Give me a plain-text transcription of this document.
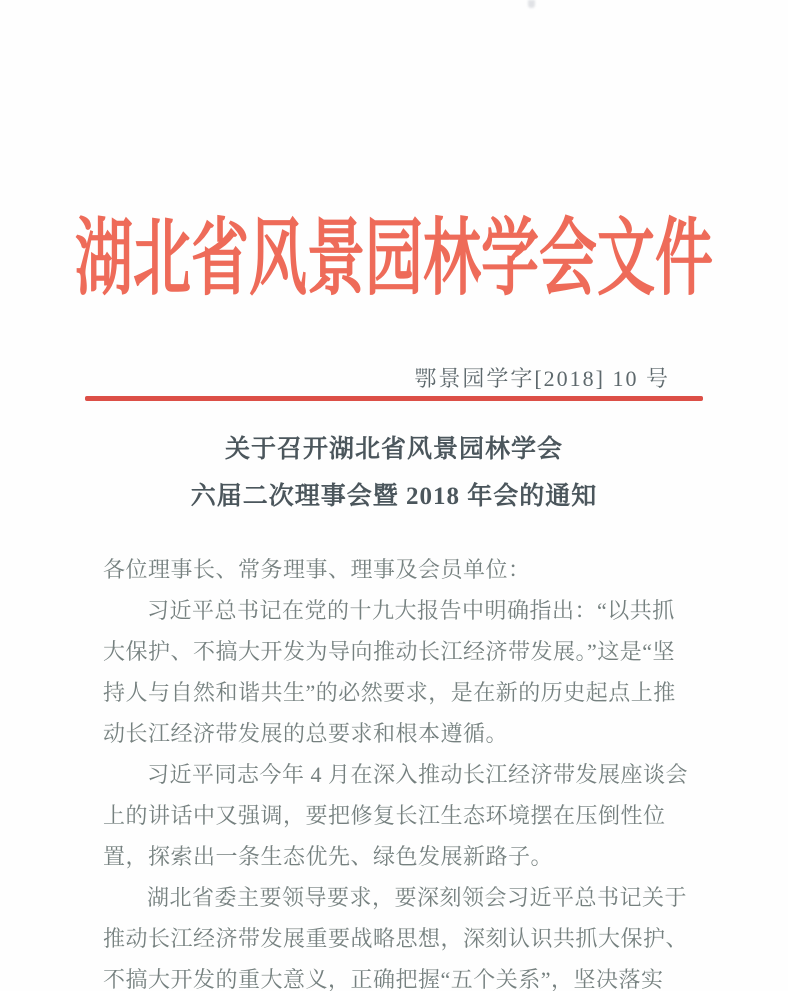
湖北省风景园林学会文件
鄂景园学字[2018] 10 号
关于召开湖北省风景园林学会
六届二次理事会暨 2018 年会的通知
各位理事长、常务理事、理事及会员单位：
习近平总书记在党的十九大报告中明确指出：“以共抓
大保护、不搞大开发为导向推动长江经济带发展。”这是“坚
持人与自然和谐共生”的必然要求，是在新的历史起点上推
动长江经济带发展的总要求和根本遵循。
习近平同志今年 4 月在深入推动长江经济带发展座谈会
上的讲话中又强调，要把修复长江生态环境摆在压倒性位
置，探索出一条生态优先、绿色发展新路子。
湖北省委主要领导要求，要深刻领会习近平总书记关于
推动长江经济带发展重要战略思想，深刻认识共抓大保护、
不搞大开发的重大意义，正确把握“五个关系”，坚决落实
